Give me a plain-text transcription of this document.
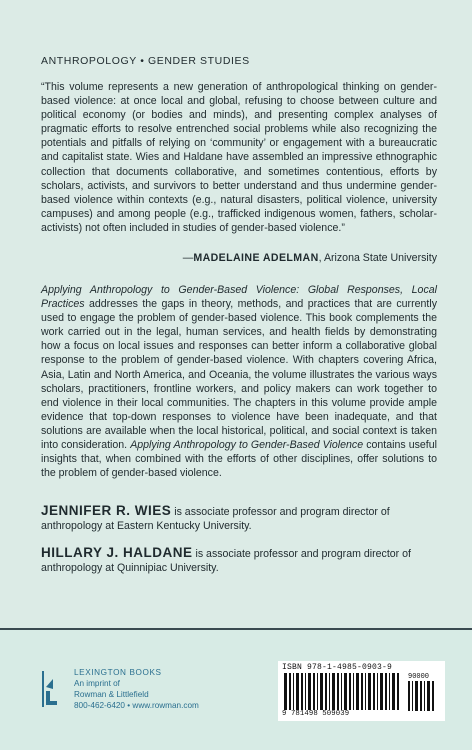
ANTHROPOLOGY • GENDER STUDIES
“This volume represents a new generation of anthropological thinking on gender-based violence: at once local and global, refusing to choose between culture and political economy (or bodies and minds), and presenting complex analyses of pragmatic efforts to resolve entrenched social problems while also recognizing the potentials and pitfalls of relying on ‘community’ or engagement with a bureaucratic and capitalist state. Wies and Haldane have assembled an impressive ethnographic collection that documents collaborative, and sometimes contentious, efforts by scholars, activists, and survivors to better understand and thus undermine gender-based violence within contexts (e.g., natural disasters, political violence, university campuses) and among people (e.g., trafficked indigenous women, fathers, scholar-activists) not often included in studies of gender-based violence.”
—MADELAINE ADELMAN, Arizona State University
Applying Anthropology to Gender-Based Violence: Global Responses, Local Practices addresses the gaps in theory, methods, and practices that are currently used to engage the problem of gender-based violence. This book complements the work carried out in the legal, human services, and health fields by demonstrating how a focus on local issues and responses can better inform a collaborative global response to the problem of gender-based violence. With chapters covering Africa, Asia, Latin and North America, and Oceania, the volume illustrates the various ways scholars, practitioners, frontline workers, and policy makers can work together to end violence in their local communities. The chapters in this volume provide ample evidence that top-down responses to violence have been inadequate, and that solutions are available when the local historical, political, and social context is taken into consideration. Applying Anthropology to Gender-Based Violence contains useful insights that, when combined with the efforts of other disciplines, offer solutions to the problem of gender-based violence.
JENNIFER R. WIES is associate professor and program director of anthropology at Eastern Kentucky University.
HILLARY J. HALDANE is associate professor and program director of anthropology at Quinnipiac University.
LEXINGTON BOOKS
An imprint of
Rowman & Littlefield
800-462-6420 • www.rowman.com
ISBN 978-1-4985-0903-9
90000
9 781498 509039
